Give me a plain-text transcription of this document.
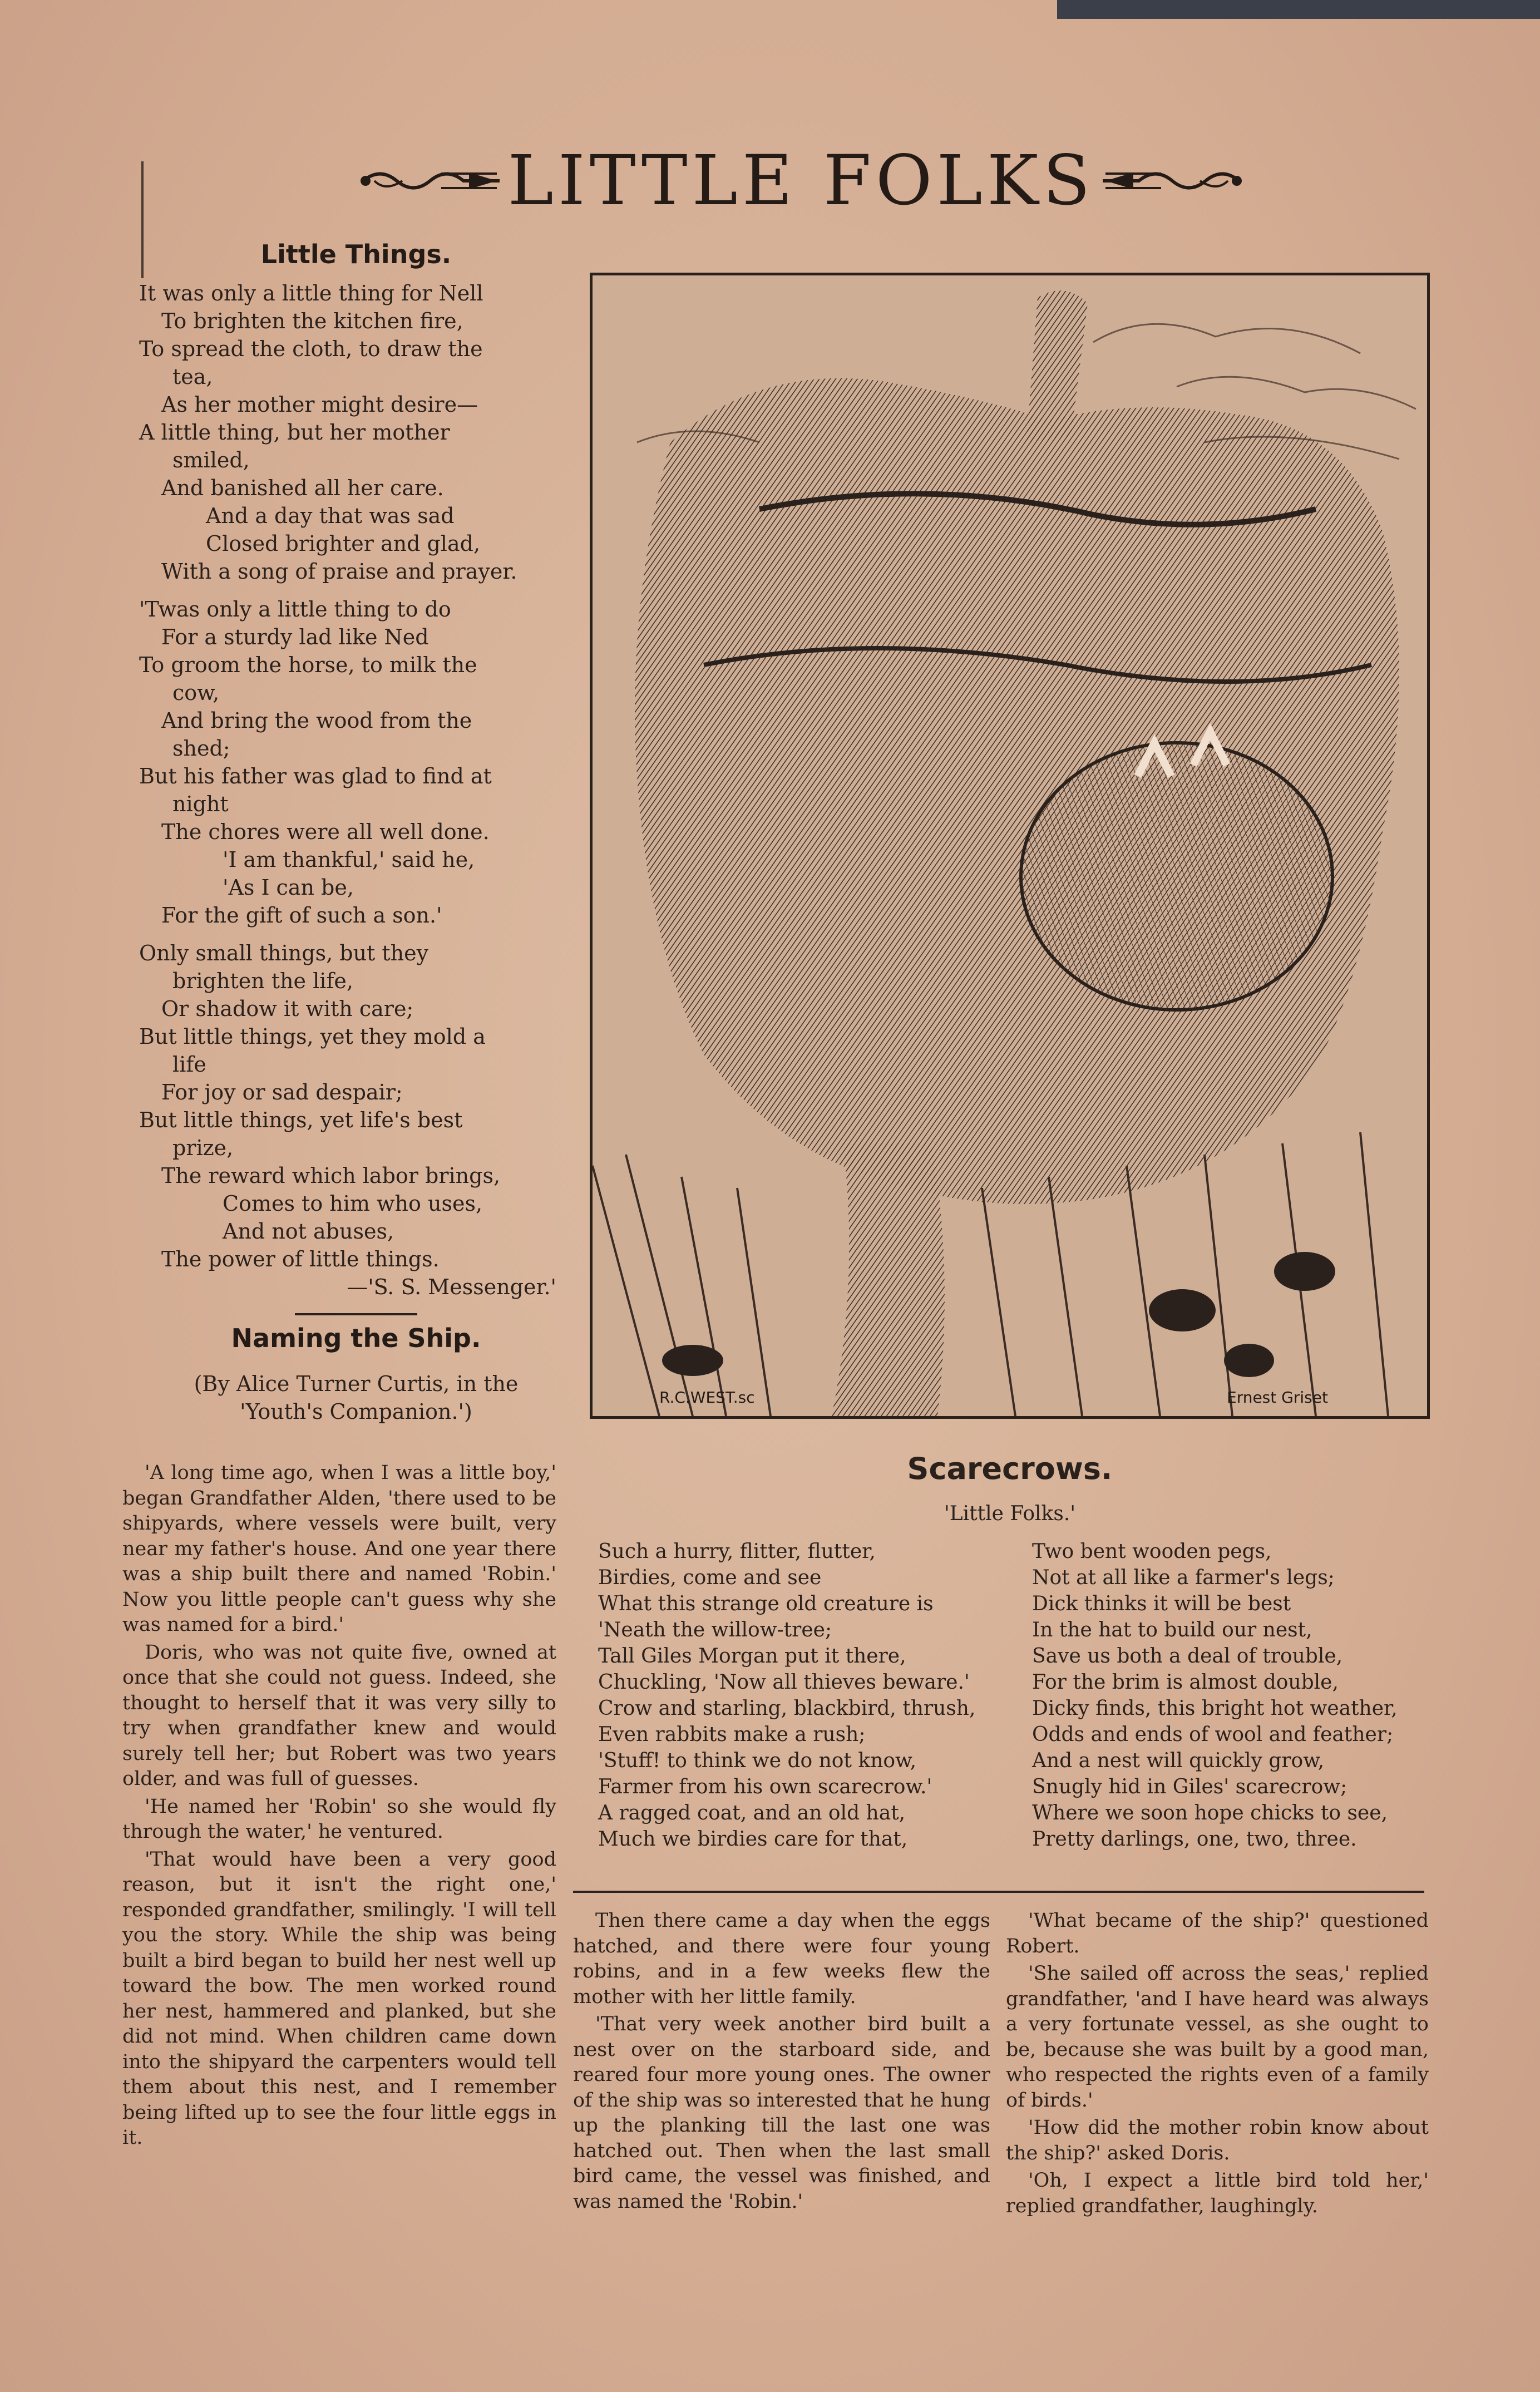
LITTLE FOLKS
Little Things.
It was only a little thing for Nell
To brighten the kitchen fire,
To spread the cloth, to draw the
tea,
As her mother might desire—
A little thing, but her mother
smiled,
And banished all her care.
And a day that was sad
Closed brighter and glad,
With a song of praise and prayer.
'Twas only a little thing to do
For a sturdy lad like Ned
To groom the horse, to milk the
cow,
And bring the wood from the
shed;
But his father was glad to find at
night
The chores were all well done.
'I am thankful,' said he,
'As I can be,
For the gift of such a son.'
Only small things, but they
brighten the life,
Or shadow it with care;
But little things, yet they mold a
life
For joy or sad despair;
But little things, yet life's best
prize,
The reward which labor brings,
Comes to him who uses,
And not abuses,
The power of little things.
—'S. S. Messenger.'
Naming the Ship.
(By Alice Turner Curtis, in the
'Youth's Companion.')

'A long time ago, when I was a little boy,' began Grandfather Alden, 'there used to be shipyards, where vessels were built, very near my father's house. And one year there was a ship built there and named 'Robin.' Now you little people can't guess why she was named for a bird.'

Doris, who was not quite five, owned at once that she could not guess. Indeed, she thought to herself that it was very silly to try when grandfather knew and would surely tell her; but Robert was two years older, and was full of guesses.

'He named her 'Robin' so she would fly through the water,' he ventured.

'That would have been a very good reason, but it isn't the right one,' responded grandfather, smilingly. 'I will tell you the story. While the ship was being built a bird began to build her nest well up toward the bow. The men worked round her nest, hammered and planked, but she did not mind. When children came down into the shipyard the carpenters would tell them about this nest, and I remember being lifted up to see the four little eggs in it.

R.C.WEST.sc	Ernest Griset
Scarecrows.
'Little Folks.'
Such a hurry, flitter, flutter,
Birdies, come and see
What this strange old creature is
'Neath the willow-tree;
Tall Giles Morgan put it there,
Chuckling, 'Now all thieves beware.'
Crow and starling, blackbird, thrush,
Even rabbits make a rush;
'Stuff! to think we do not know,
Farmer from his own scarecrow.'
A ragged coat, and an old hat,
Much we birdies care for that,
Two bent wooden pegs,
Not at all like a farmer's legs;
Dick thinks it will be best
In the hat to build our nest,
Save us both a deal of trouble,
For the brim is almost double,
Dicky finds, this bright hot weather,
Odds and ends of wool and feather;
And a nest will quickly grow,
Snugly hid in Giles' scarecrow;
Where we soon hope chicks to see,
Pretty darlings, one, two, three.

Then there came a day when the eggs hatched, and there were four young robins, and in a few weeks flew the mother with her little family.

'That very week another bird built a nest over on the starboard side, and reared four more young ones. The owner of the ship was so interested that he hung up the planking till the last one was hatched out. Then when the last small bird came, the vessel was finished, and was named the 'Robin.'

'What became of the ship?' questioned Robert.

'She sailed off across the seas,' replied grandfather, 'and I have heard was always a very fortunate vessel, as she ought to be, because she was built by a good man, who respected the rights even of a family of birds.'

'How did the mother robin know about the ship?' asked Doris.

'Oh, I expect a little bird told her,' replied grandfather, laughingly.
